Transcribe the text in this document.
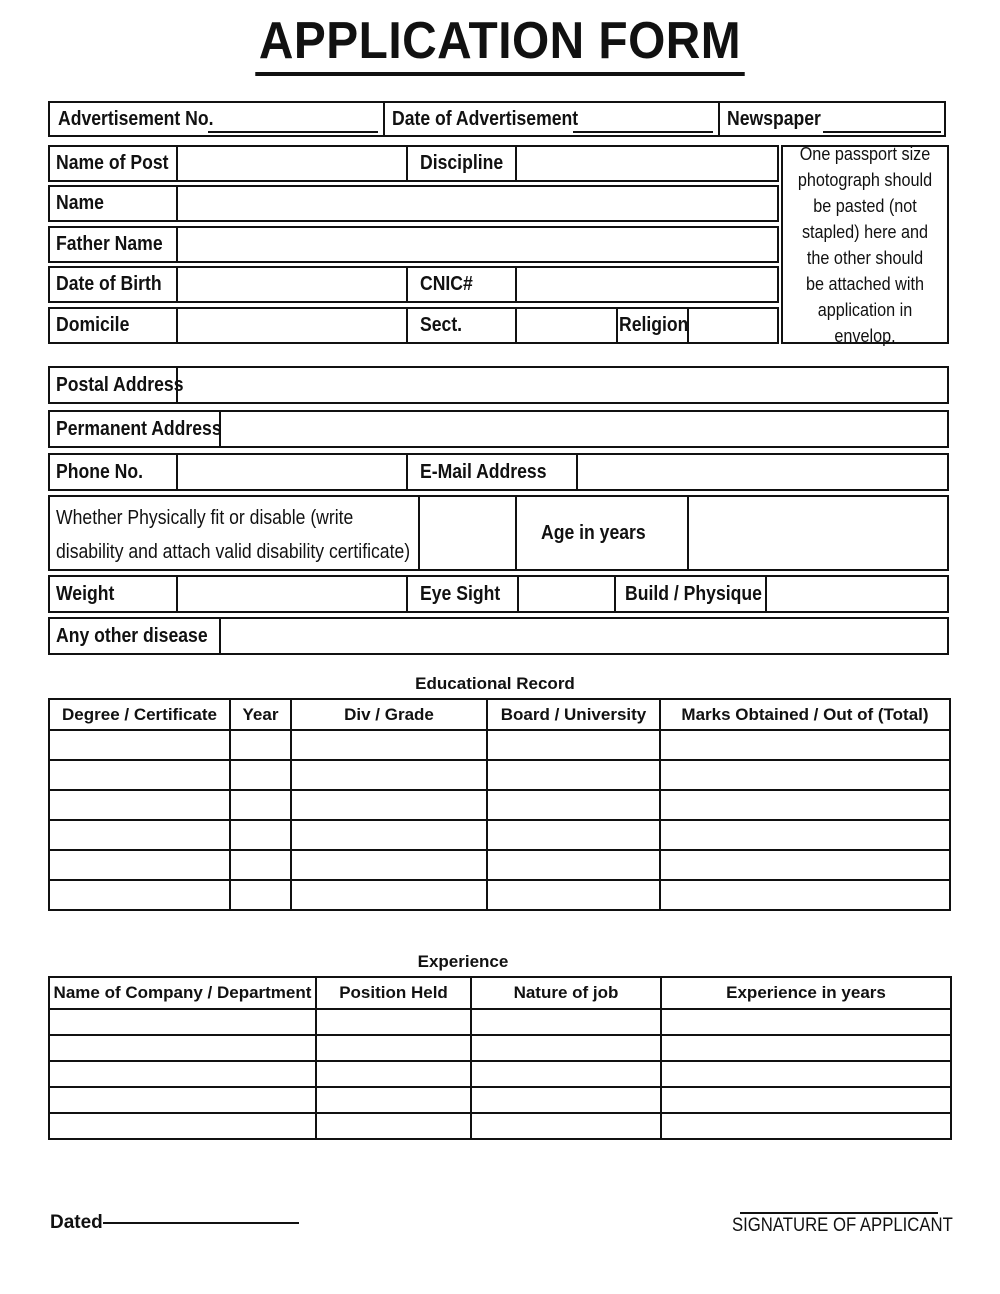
APPLICATION FORM
Advertisement No.	Date of Advertisement	Newspaper
Name of Post	Discipline
Name
Father Name
Date of Birth	CNIC#
Domicile	Sect.	Religion
One passport size photograph should be pasted (not stapled) here and the other should be attached with application in envelop.
Postal Address
Permanent Address
Phone No.	E-Mail Address
Whether Physically fit or disable (write
disability and attach valid disability certificate)
Age in years
Weight	Eye Sight	Build / Physique
Any other disease
Educational Record
Degree / Certificate	Year	Div / Grade	Board / University	Marks Obtained / Out of (Total)

Experience
Name of Company / Department	Position Held	Nature of job	Experience in years

Dated	SIGNATURE OF APPLICANT
